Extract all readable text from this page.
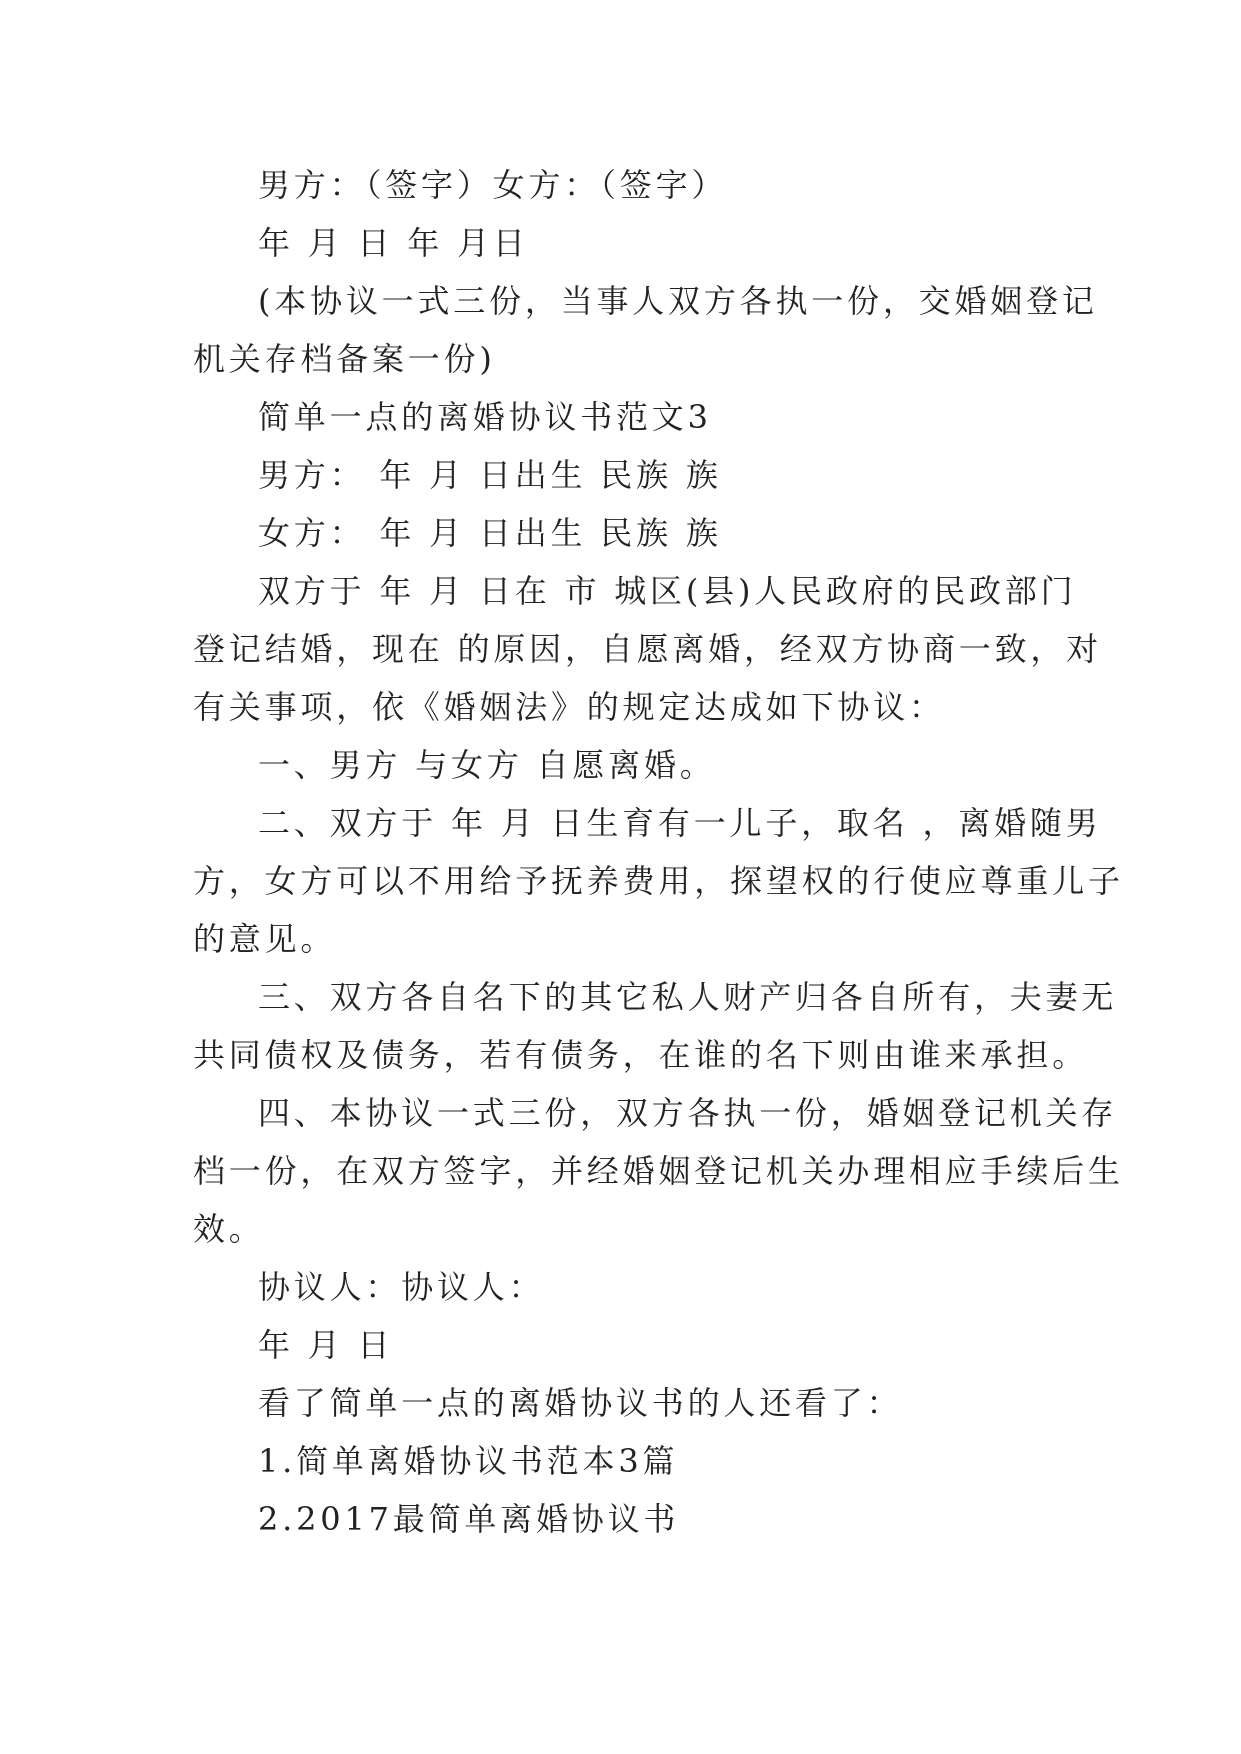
男方：（签字）女方：（签字）
年 月 日 年 月日
(本协议一式三份，当事人双方各执一份，交婚姻登记
机关存档备案一份)
简单一点的离婚协议书范文3
男方： 年 月 日出生 民族 族
女方： 年 月 日出生 民族 族
双方于 年 月 日在 市 城区(县)人民政府的民政部门
登记结婚，现在 的原因，自愿离婚，经双方协商一致，对
有关事项，依《婚姻法》的规定达成如下协议：
一、男方 与女方 自愿离婚。
二、双方于 年 月 日生育有一儿子，取名 ，离婚随男
方，女方可以不用给予抚养费用，探望权的行使应尊重儿子
的意见。
三、双方各自名下的其它私人财产归各自所有，夫妻无
共同债权及债务，若有债务，在谁的名下则由谁来承担。
四、本协议一式三份，双方各执一份，婚姻登记机关存
档一份，在双方签字，并经婚姻登记机关办理相应手续后生
效。
协议人：协议人：
年 月 日
看了简单一点的离婚协议书的人还看了：
1.简单离婚协议书范本3篇
2.2017最简单离婚协议书
